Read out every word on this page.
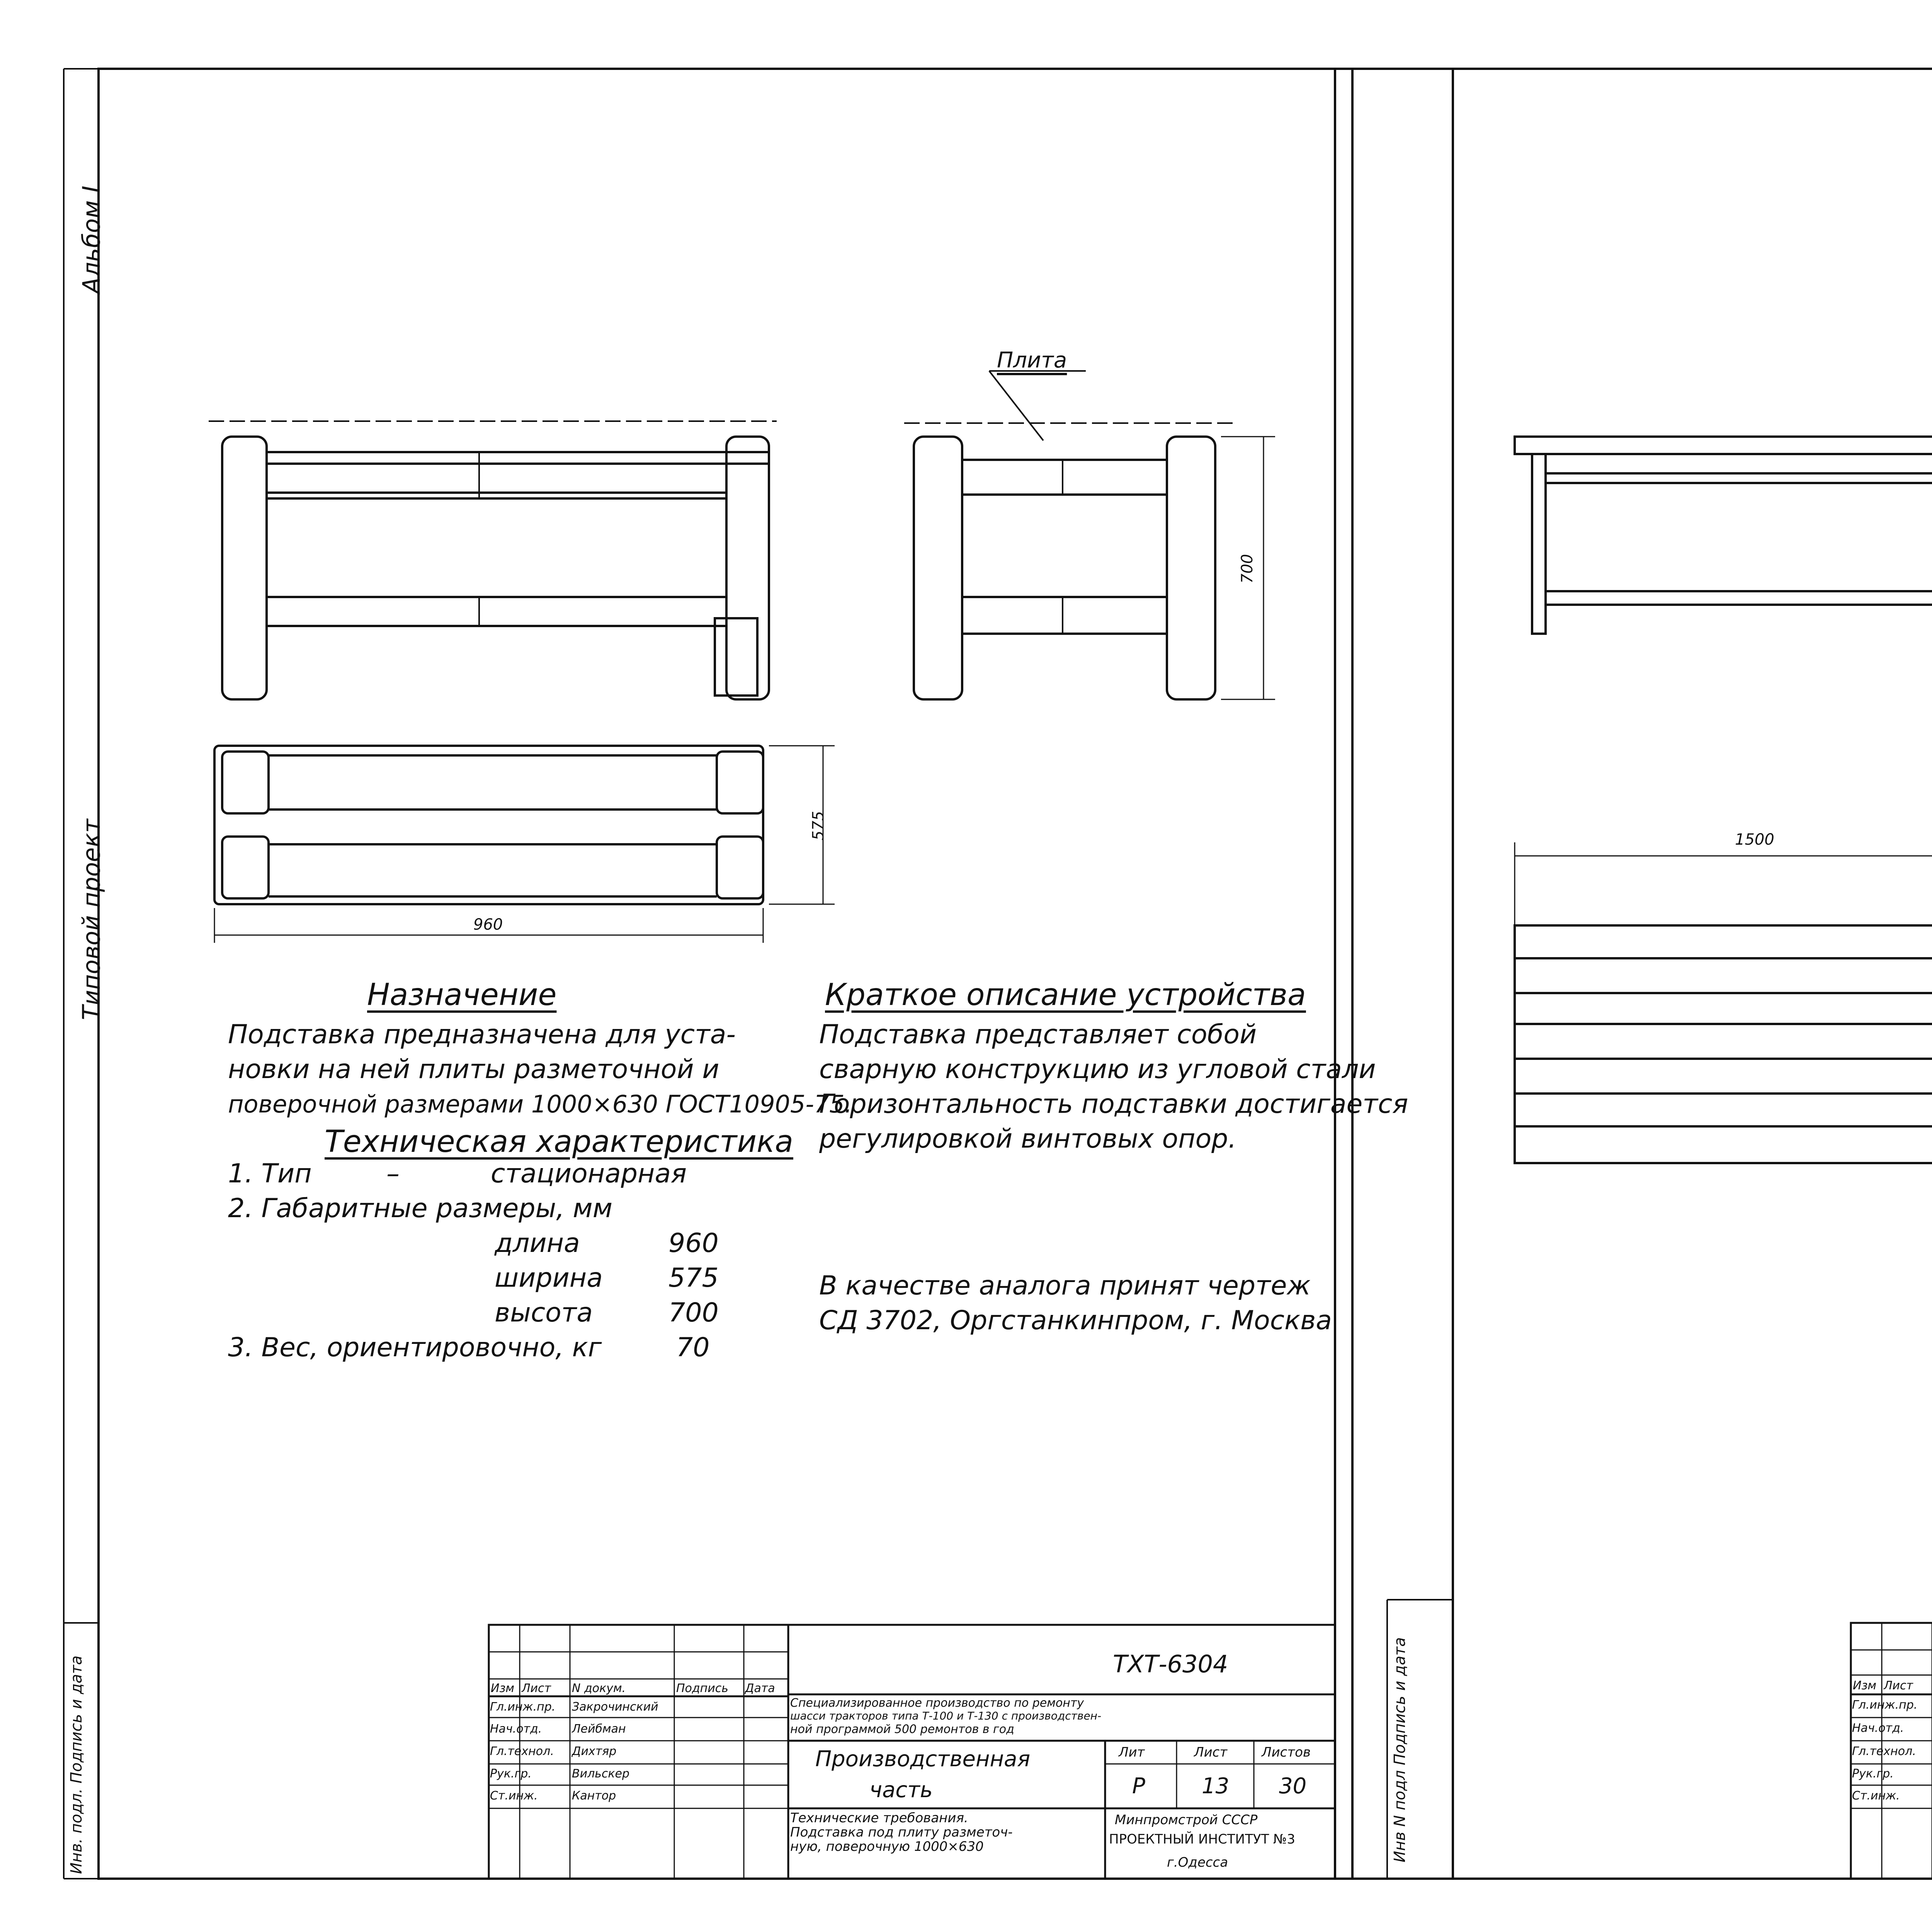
Альбом I
Типовой проект
Инв. подл. Подпись и дата
Плита
700
575
960
Назначение
Подставка предназначена для уста-
новки на ней плиты разметочной и
поверочной размерами 1000×630 ГОСТ10905-75.
Техническая характеристика
1. Тип	–	стационарная
2. Габаритные размеры, мм
длина	960
ширина	575
высота	700
3. Вес, ориентировочно, кг	70
Краткое описание устройства
Подставка представляет собой
сварную конструкцию из угловой стали
Горизонтальность подставки достигается
регулировкой винтовых опор.
В качестве аналога принят чертеж
СД 3702, Оргстанкинпром, г. Москва
ТХТ-6304
Изм Лист N докум.	Подпись Дата
Гл.инж.пр. Закрочинский
Нач.отд.	Лейбман
Гл.технол. Дихтяр
Рук.гр.	Вильскер
Ст.инж.	Кантор
Специализированное производство по ремонту
шасси тракторов типа Т-100 и Т-130 с производствен-
ной программой 500 ремонтов в год
Производственная
часть
Лит	Лист	Листов
Р	13 30
Технические требования.
Подставка под плиту разметоч-
ную, поверочную 1000×630
Минпромстрой СССР
ПРОЕКТНЫЙ ИНСТИТУТ №3
г.Одесса	Инв N подл Подпись и дата
1500
Изм Лист
Гл.инж.пр.
Нач.отд.
Гл.технол.
Рук.гр.
Ст.инж.
